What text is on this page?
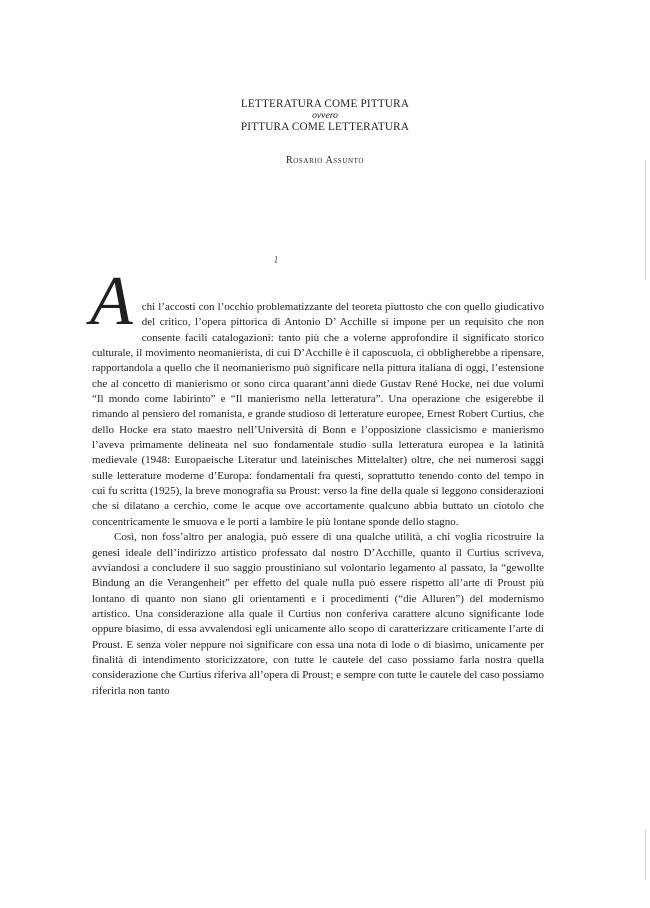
LETTERATURA COME PITTURA
ovvero
PITTURA COME LETTERATURA
Rosario Assunto
1

A chi l’accosti con l’occhio problematizzante del teoreta piuttosto che con quello giudicativo del critico, l’opera pittorica di Antonio D’ Acchille si impone per un requisito che non consente facili catalogazioni: tanto più che a volerne approfondire il significato storico culturale, il movimento neomanierista, di cui D’Acchille è il caposcuola, ci obbligherebbe a ripensare, rapportandola a quello che il neomanierismo può significare nella pittura italiana di oggi, l’estensione che al concetto di manierismo or sono circa quarant’anni diede Gustav René Hocke, nei due volumi “Il mondo come labirinto” e “Il manierismo nella letteratura”. Una operazione che esigerebbe il rimando al pensiero del romanista, e grande studioso di letterature europee, Ernest Robert Curtius, che dello Hocke era stato maestro nell’Università di Bonn e l’opposizione classicismo e manierismo l’aveva primamente delineata nel suo fondamentale studio sulla letteratura europea e la latinità medievale (1948: Europaeische Literatur und lateinisches Mittelalter) oltre, che nei numerosi saggi sulle letterature moderne d’Europa: fondamentali fra questi, soprattutto tenendo conto del tempo in cui fu scritta (1925), la breve monografia su Proust: verso la fine della quale si leggono considerazioni che si dilatano a cerchio, come le acque ove accortamente qualcuno abbia buttato un ciotolo che concentricamente le smuova e le porti a lambire le più lontane sponde dello stagno.

Così, non foss’altro per analogia, può essere di una qualche utilità, a chi voglia ricostruire la genesi ideale dell’indirizzo artistico professato dal nostro D’Acchille, quanto il Curtius scriveva, avviandosi a concludere il suo saggio proustiniano sul volontario legamento al passato, la “gewollte Bindung an die Verangenheit” per effetto del quale nulla può essere rispetto all’arte di Proust più lontano di quanto non siano gli orientamenti e i procedimenti (“die Alluren”) del modernismo artistico. Una considerazione alla quale il Curtius non conferiva carattere alcuno significante lode oppure biasimo, di essa avvalendosi egli unicamente allo scopo di caratterizzare criticamente l’arte di Proust. E senza voler neppure noi significare con essa una nota di lode o di biasimo, unicamente per finalità di intendimento storicizzatore, con tutte le cautele del caso possiamo farla nostra quella considerazione che Curtius riferiva all’opera di Proust; e sempre con tutte le cautele del caso possiamo riferirla non tanto
